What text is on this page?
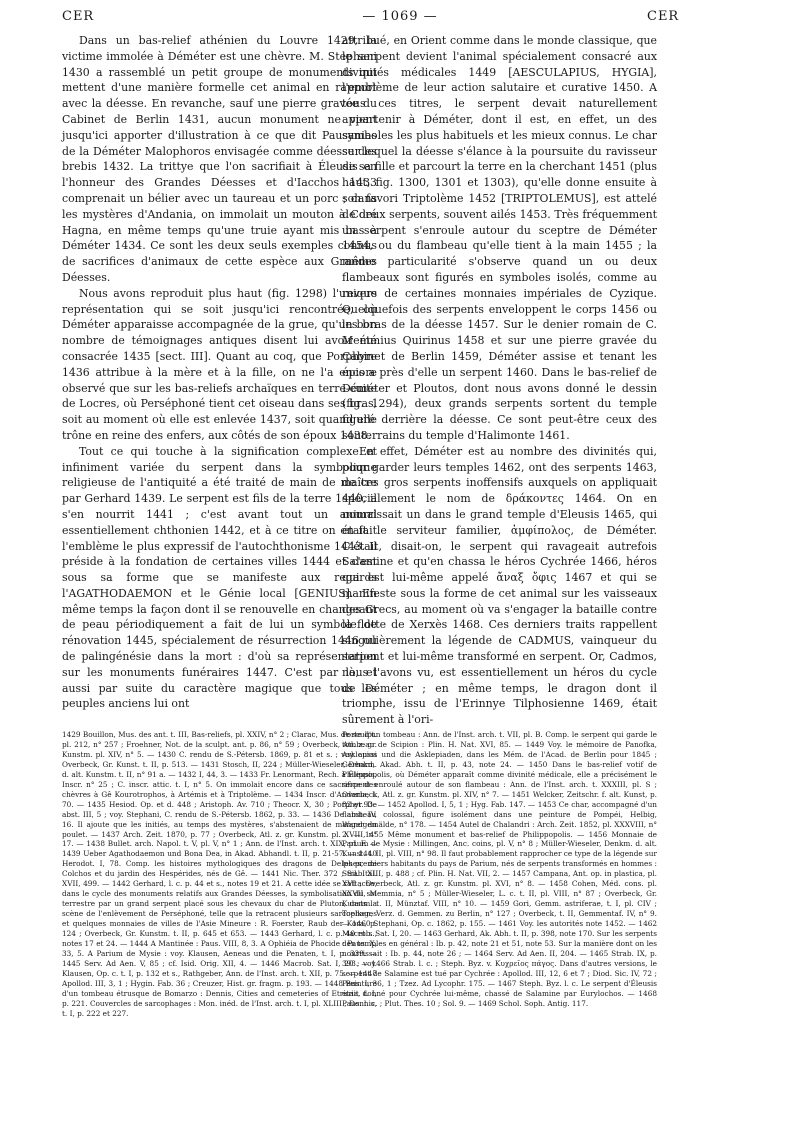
CER	— 1069 —	CER

Dans un bas-relief athénien du Louvre 1429, la victime immolée à Déméter est une chèvre. M. Stephani 1430 a rassemblé un petit groupe de monuments qui mettent d'une manière formelle cet animal en rapport avec la déesse. En revanche, sauf une pierre gravée du Cabinet de Berlin 1431, aucun monument ne vient jusqu'ici apporter d'illustration à ce que dit Pausanias de la Déméter Malophoros envisagée comme déesse des brebis 1432. La trittye que l'on sacrifiait à Éleusis en l'honneur des Grandes Déesses et d'Iacchos 1433 comprenait un bélier avec un taureau et un porc ; dans les mystères d'Andania, on immolait un mouton à Coré Hagna, en même temps qu'une truie ayant mis bas à Déméter 1434. Ce sont les deux seuls exemples connus de sacrifices d'animaux de cette espèce aux Grandes Déesses.

Nous avons reproduit plus haut (fig. 1298) l'unique représentation qui se soit jusqu'ici rencontrée, où Déméter apparaisse accompagnée de la grue, qu'un bon nombre de témoignages antiques disent lui avoir été consacrée 1435 [sect. III]. Quant au coq, que Porphyre 1436 attribue à la mère et à la fille, on ne l'a encore observé que sur les bas-reliefs archaïques en terre-cuite de Locres, où Perséphoné tient cet oiseau dans ses bras, soit au moment où elle est enlevée 1437, soit quand elle trône en reine des enfers, aux côtés de son époux 1438.

Tout ce qui touche à la signification complexe et infiniment variée du serpent dans la symbolique religieuse de l'antiquité a été traité de main de maître par Gerhard 1439. Le serpent est fils de la terre 1440, il s'en nourrit 1441 ; c'est avant tout un animal essentiellement chthonien 1442, et à ce titre on en fait l'emblème le plus expressif de l'autochthonisme 1443. Il préside à la fondation de certaines villes 1444 et c'est sous sa forme que se manifeste aux regards l'AGATHODAEMON et le Génie local [GENIUS]. En même temps la façon dont il se renouvelle en changeant de peau périodiquement a fait de lui un symbole de rénovation 1445, spécialement de résurrection 1446 ou de palingénésie dans la mort : d'où sa représentation sur les monuments funéraires 1447. C'est par là, et aussi par suite du caractère magique que tous les peuples anciens lui ont

attribué, en Orient comme dans le monde classique, que le serpent devient l'animal spécialement consacré aux divinités médicales 1449 [AESCULAPIUS, HYGIA], l'emblème de leur action salutaire et curative 1450. A tous ces titres, le serpent devait naturellement appartenir à Déméter, dont il est, en effet, un des symboles les plus habituels et les mieux connus. Le char sur lequel la déesse s'élance à la poursuite du ravisseur de sa fille et parcourt la terre en la cherchant 1451 (plus haut, fig. 1300, 1301 et 1303), qu'elle donne ensuite à son favori Triptolème 1452 [TRIPTOLEMUS], est attelé de deux serpents, souvent ailés 1453. Très fréquemment un serpent s'enroule autour du sceptre de Déméter 1454, ou du flambeau qu'elle tient à la main 1455 ; la même particularité s'observe quand un ou deux flambeaux sont figurés en symboles isolés, comme au revers de certaines monnaies impériales de Cyzique. Quelquefois des serpents enveloppent le corps 1456 ou les bras de la déesse 1457. Sur le denier romain de C. Memmius Quirinus 1458 et sur une pierre gravée du Cabinet de Berlin 1459, Déméter assise et tenant les épis a près d'elle un serpent 1460. Dans le bas-relief de Déméter et Ploutos, dont nous avons donné le dessin (fig. 1294), deux grands serpents sortent du temple figuré derrière la déesse. Ce sont peut-être ceux des souterrains du temple d'Halimonte 1461.

En effet, Déméter est au nombre des divinités qui, pour garder leurs temples 1462, ont des serpents 1463, de ces gros serpents inoffensifs auxquels on appliquait spécialement le nom de δράκοντες 1464. On en nourrissait un dans le grand temple d'Eleusis 1465, qui était le serviteur familier, ἀμφίπολος, de Déméter. C'était, disait-on, le serpent qui ravageait autrefois Salamine et qu'en chassa le héros Cychrée 1466, héros qui est lui-même appelé ἄναξ ὄφις 1467 et qui se manifeste sous la forme de cet animal sur les vaisseaux des Grecs, au moment où va s'engager la bataille contre la flotte de Xerxès 1468. Ces derniers traits rappellent singulièrement la légende de CADMUS, vainqueur du serpent et lui-même transformé en serpent. Or, Cadmos, nous l'avons vu, est essentiellement un héros du cycle de Déméter ; en même temps, le dragon dont il triomphe, issu de l'Erinnye Tilphosienne 1469, était sûrement à l'ori-

1429 Bouillon, Mus. des ant. t. III, Bas-reliefs, pl. XXIV, n° 2 ; Clarac, Mus. de sculpt. pl. 212, n° 257 ; Froehner, Not. de la sculpt. ant. p. 86, n° 59 ; Overbeck, Atl. z. gr. Kunstm. pl. XIV, n° 5. — 1430 C. rendu de S.-Pétersb. 1869, p. 81 et s. ; voy. aussi Overbeck, Gr. Kunst. t. II, p. 513. — 1431 Stosch, II, 224 ; Müller-Wieseler, Denkm. d. alt. Kunstm. t. II, n° 91 a. — 1432 I, 44, 3. — 1433 Fr. Lenormant, Rech. à Éleusis, Inscr. n° 25 ; C. inscr. attic. t. I, n° 5. On immolait encore dans ce sacrifice des chèvres à Gê Kourotrophos, à Artémis et à Triptolème. — 1434 Inscr. d'Andania, l. 70. — 1435 Hesiod. Op. et d. 448 ; Aristoph. Av. 710 ; Theocr. X, 30 ; Porphyr. De abst. III, 5 ; voy. Stephani, C. rendu de S.-Pétersb. 1862, p. 33. — 1436 De abst. IV, 16. Il ajoute que les initiés, au temps des mystères, s'abstenaient de manger du poulet. — 1437 Arch. Zeit. 1870, p. 77 ; Overbeck, Atl. z. gr. Kunstm. pl. XVIII, n° 17. — 1438 Bullet. arch. Napol. t. V, pl. V, n° 1 ; Ann. de l'Inst. arch. t. XIX, pl. F. — 1439 Ueber Agathodaemon und Bona Dea, in Akad. Abhandl. t. II, p. 21-57. — 1440 Herodot. I, 78. Comp. les histoires mythologiques des dragons de Delphes, de Colchos et du jardin des Hespérides, nés de Gê. — 1441 Nic. Ther. 372 ; Sil. Ital. XVII, 499. — 1442 Gerhard, l. c. p. 44 et s., notes 19 et 21. A cette idée se rattache, dans le cycle des monuments relatifs aux Grandes Déesses, la symbolisation du sol terrestre par un grand serpent placé sous les chevaux du char de Pluton, dans la scène de l'enlèvement de Perséphoné, telle que la retracent plusieurs sarcophages et quelques monnaies de villes de l'Asie Mineure : R. Foerster, Raub der Kora, p. 124 ; Overbeck, Gr. Kunstm. t. II, p. 645 et 653. — 1443 Gerhard, l. c. p. 40 et s., notes 17 et 24. — 1444 A Mantinée : Paus. VIII, 8, 3. A Ophiéia de Phocide : Paus. X, 33, 5. A Parium de Mysie : voy. Klausen, Aeneas und die Penaten, t. I, p. 339. — 1445 Serv. Ad Aen. V, 85 ; cf. Isid. Orig. XII, 4. — 1446 Macrob. Sat. I, 20 ; voy. Klausen, Op. c. t. I, p. 132 et s., Rathgeber, Ann. de l'Inst. arch. t. XII, p. 75. — 1447 Apollod. III, 3, 1 ; Hygin. Fab. 36 ; Creuzer, Hist. gr. fragm. p. 193. — 1448 Peinture d'un tombeau étrusque de Bomarzo : Dennis, Cities and cemeteries of Etruria, t. I, p. 221. Couvercles de sarcophages : Mon. inéd. de l'Inst. arch. t. I, pl. XLIII ; Dennis, t. I, p. 222 et 227.

Porte d'un tombeau : Ann. de l'Inst. arch. t. VII, pl. B. Comp. le serpent qui garde le tombeau de Scipion : Plin. H. Nat. XVI, 85. — 1449 Voy. le mémoire de Panofka, Asklepios und die Asklepiaden, dans les Mém. de l'Acad. de Berlin pour 1845 ; Gerhard, Akad. Abh. t. II, p. 43, note 24. — 1450 Dans le bas-relief votif de Philippopolis, où Déméter apparaît comme divinité médicale, elle a précisément le serpent enroulé autour de son flambeau : Ann. de l'Inst. arch. t. XXXIII, pl. S ; Overbeck, Atl. z. gr. Kunstm. pl. XIV, n° 7. — 1451 Welcker, Zeitschr. f. alt. Kunst, p. 82 et 93. — 1452 Apollod. I, 5, 1 ; Hyg. Fab. 147. — 1453 Ce char, accompagné d'un flambeau colossal, figure isolément dans une peinture de Pompéi, Helbig, Wandgemälde, n° 178. — 1454 Autel de Chalandri : Arch. Zeit. 1852, pl. XXXVIII, n° 2. — 1455 Même monument et bas-relief de Philippopolis. — 1456 Monnaie de Parium de Mysie : Millingen, Anc. coins, pl. V, n° 8 ; Müller-Wieseler, Denkm. d. alt. Kunst. t. II, pl. VIII, n° 98. Il faut probablement rapprocher ce type de la légende sur les premiers habitants du pays de Parium, nés de serpents transformés en hommes : Strab. XIII, p. 488 ; cf. Plin. H. Nat. VII, 2. — 1457 Campana, Ant. op. in plastica, pl. XVI ; Overbeck, Atl. z. gr. Kunstm. pl. XVI, n° 8. — 1458 Cohen, Méd. cons. pl. XXVII, Memmia, n° 5 ; Müller-Wieseler, L. c. t. II, pl. VIII, n° 87 ; Overbeck, Gr. Kunstm. t. II, Münztaf. VIII, n° 10. — 1459 Gori, Gemm. astriferae, t. I, pl. CIV ; Toelken, Verz. d. Gemmen. zu Berlin, n° 127 ; Overbeck, t. II, Gemmentaf. IV, n° 9. — 1460 Stephani, Op. c. 1862, p. 155. — 1461 Voy. les autorités note 1452. — 1462 Macrob. Sat. I, 20. — 1463 Gerhard, Ak. Abh. t. II, p. 398, note 170. Sur les serpents des temples en général : Ib. p. 42, note 21 et 51, note 53. Sur la manière dont on les nourrissait : Ib. p. 44, note 26 ; — 1464 Serv. Ad Aen. II, 204. — 1465 Strab. IX, p. 393. — 1466 Strab. l. c. ; Steph. Byz. v. Κυχρεῖος πάγος. Dans d'autres versions, le serpent de Salamine est tué par Cychrée : Apollod. III, 12, 6 et 7 ; Diod. Sic. IV, 72 ; Paus. I, 36, 1 ; Tzez. Ad Lycophr. 175. — 1467 Steph. Byz. l. c. Le serpent d'Éleusis était donné pour Cychrée lui-même, chassé de Salamine par Eurylochos. — 1468 Paus. l. c. ; Plut. Thes. 10 ; Sol. 9. — 1469 Schol. Soph. Antig. 117.
